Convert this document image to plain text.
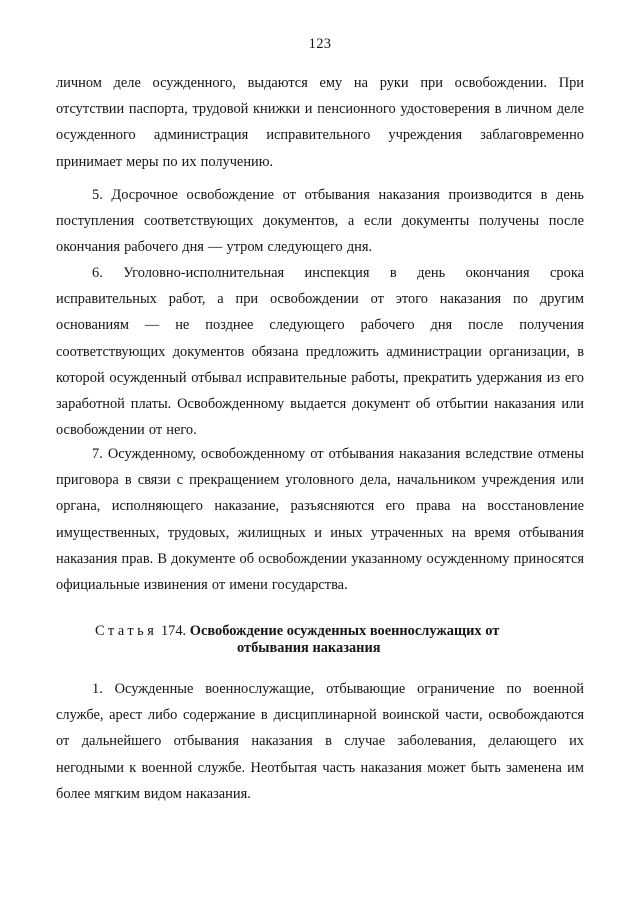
123

личном деле осужденного, выдаются ему на руки при освобождении. При отсутствии паспорта, трудовой книжки и пенсионного удостоверения в личном деле осужденного администрация исправительного учреждения заблаговременно принимает меры по их получению.

5. Досрочное освобождение от отбывания наказания производится в день поступления соответствующих документов, а если документы получены после окончания рабочего дня — утром следующего дня.

6. Уголовно-исполнительная инспекция в день окончания срока исправительных работ, а при освобождении от этого наказания по другим основаниям — не позднее следующего рабочего дня после получения соответствующих документов обязана предложить администрации организации, в которой осужденный отбывал исправительные работы, прекратить удержания из его заработной платы. Освобожденному выдается документ об отбытии наказания или освобождении от него.

7. Осужденному, освобожденному от отбывания наказания вследствие отмены приговора в связи с прекращением уголовного дела, начальником учреждения или органа, исполняющего наказание, разъясняются его права на восстановление имущественных, трудовых, жилищных и иных утраченных на время отбывания наказания прав. В документе об освобождении указанному осужденному приносятся официальные извинения от имени государства.

Статья 174. Освобождение осужденных военнослужащих от
отбывания наказания

1. Осужденные военнослужащие, отбывающие ограничение по военной службе, арест либо содержание в дисциплинарной воинской части, освобождаются от дальнейшего отбывания наказания в случае заболевания, делающего их негодными к военной службе. Неотбытая часть наказания может быть заменена им более мягким видом наказания.
